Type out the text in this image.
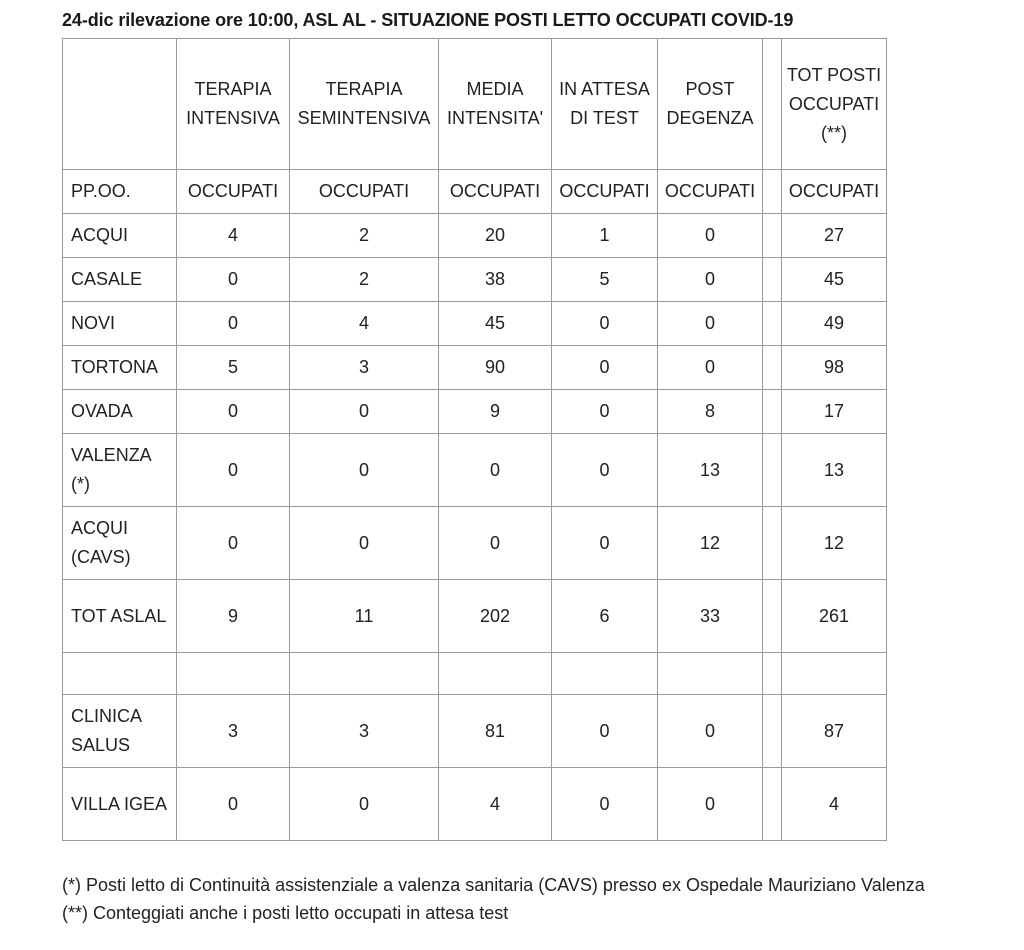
24-dic rilevazione ore 10:00, ASL AL - SITUAZIONE POSTI LETTO OCCUPATI COVID-19
	TERAPIA INTENSIVA	TERAPIA SEMINTENSIVA	MEDIA INTENSITA'	IN ATTESA DI TEST	POST DEGENZA		TOT POSTI OCCUPATI (**)
PP.OO.	OCCUPATI	OCCUPATI	OCCUPATI	OCCUPATI	OCCUPATI		OCCUPATI
ACQUI	4	2	20	1	0		27
CASALE	0	2	38	5	0		45
NOVI	0	4	45	0	0		49
TORTONA	5	3	90	0	0		98
OVADA	0	0	9	0	8		17
VALENZA (*)	0	0	0	0	13		13
ACQUI (CAVS)	0	0	0	0	12		12
TOT ASLAL	9	11	202	6	33		261

CLINICA SALUS	3	3	81	0	0		87
VILLA IGEA	0	0	4	0	0		4
(*) Posti letto di Continuità assistenziale a valenza sanitaria (CAVS) presso ex Ospedale Mauriziano Valenza
(**) Conteggiati anche i posti letto occupati in attesa test
